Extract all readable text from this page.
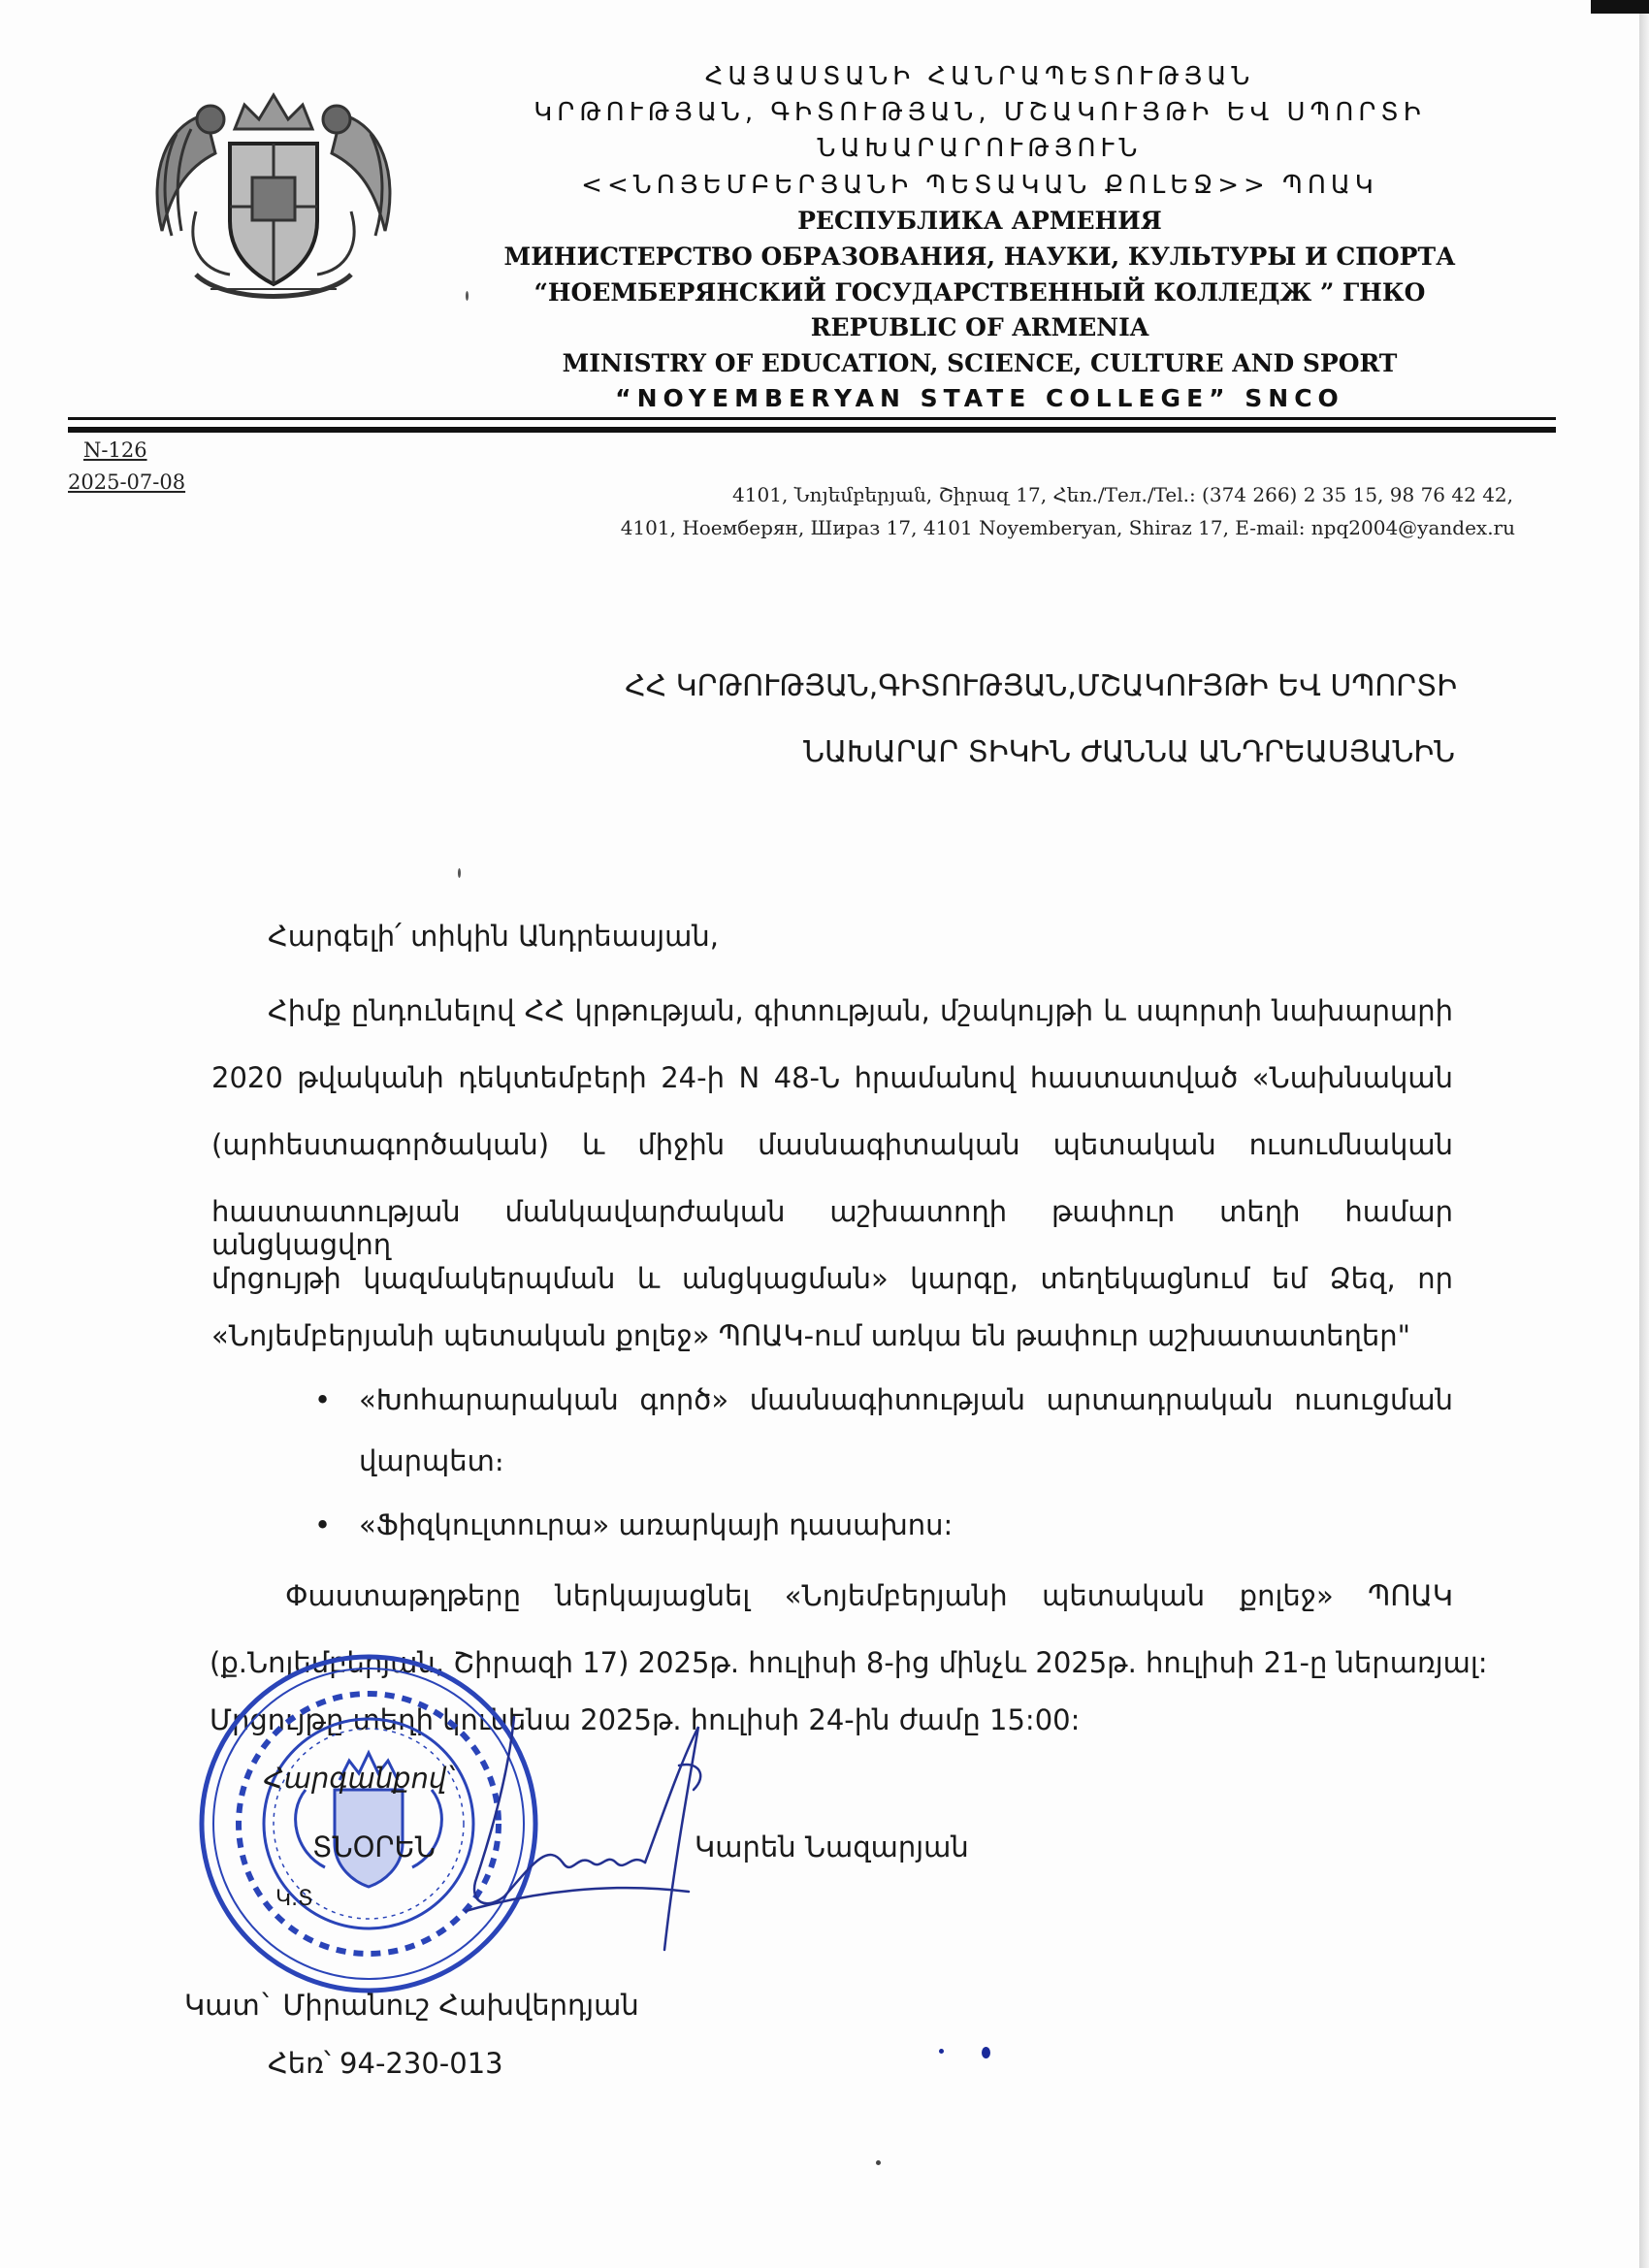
ՀԱՅԱՍՏԱՆԻ ՀԱՆՐԱՊԵՏՈՒԹՅԱՆ
ԿՐԹՈՒԹՅԱՆ, ԳԻՏՈՒԹՅԱՆ, ՄՇԱԿՈՒՅԹԻ ԵՎ ՍՊՈՐՏԻ
ՆԱԽԱՐԱՐՈՒԹՅՈՒՆ
<<ՆՈՅԵՄԲԵՐՅԱՆԻ ՊԵՏԱԿԱՆ ՔՈԼԵՋ>> ՊՈԱԿ
РЕСПУБЛИКА АРМЕНИЯ
МИНИСТЕРСТВО ОБРАЗОВАНИЯ, НАУКИ, КУЛЬТУРЫ И СПОРТА
“НОЕМБЕРЯНСКИЙ ГОСУДАРСТВЕННЫЙ КОЛЛЕДЖ ” ГНКО
REPUBLIC OF ARMENIA
MINISTRY OF EDUCATION, SCIENCE, CULTURE AND SPORT
“NOYEMBERYAN STATE COLLEGE” SNCO
N-126
2025-07-08
4101, Նոյեմբերյան, Շիրազ 17, Հեռ./Тел./Tel.: (374 266) 2 35 15, 98 76 42 42,
4101, Ноемберян, Шираз 17, 4101 Noyemberyan, Shiraz 17, E-mail: npq2004@yandex.ru
ՀՀ ԿՐԹՈՒԹՅԱՆ,ԳԻՏՈՒԹՅԱՆ,ՄՇԱԿՈՒՅԹԻ ԵՎ ՍՊՈՐՏԻ
ՆԱԽԱՐԱՐ ՏԻԿԻՆ ԺԱՆՆԱ ԱՆԴՐԵԱՍՅԱՆԻՆ
Հարգելի՛ տիկին Անդրեասյան,
Հիմք ընդունելով ՀՀ կրթության, գիտության, մշակույթի և սպորտի նախարարի
2020 թվականի դեկտեմբերի 24-ի N 48-Ն հրամանով հաստատված «Նախնական
(արհեստագործական) և միջին մասնագիտական պետական ուսումնական
հաստատության մանկավարժական աշխատողի թափուր տեղի համար անցկացվող
մրցույթի կազմակերպման և անցկացման» կարգը, տեղեկացնում եմ Ձեզ, որ
«Նոյեմբերյանի պետական քոլեջ» ՊՈԱԿ-ում առկա են թափուր աշխատատեղեր"
• «Խոհարարական գործ» մասնագիտության արտադրական ուսուցման
վարպետ։
• «Ֆիզկուլտուրա» առարկայի դասախոս:
Փաստաթղթերը ներկայացնել «Նոյեմբերյանի պետական քոլեջ» ՊՈԱԿ
(ք.Նոյեմբերյան, Շիրազի 17) 2025թ. հուլիսի 8-ից մինչև 2025թ. հուլիսի 21-ը ներառյալ:
Մրցույթը տեղի կունենա 2025թ. հուլիսի 24-ին ժամը 15:00:
Հարգանքով՝
ՏՆՕՐԵՆ	Կարեն Նազարյան
Կ.Տ
Կատ` Միրանուշ Հախվերդյան
Հեռ՝ 94-230-013
